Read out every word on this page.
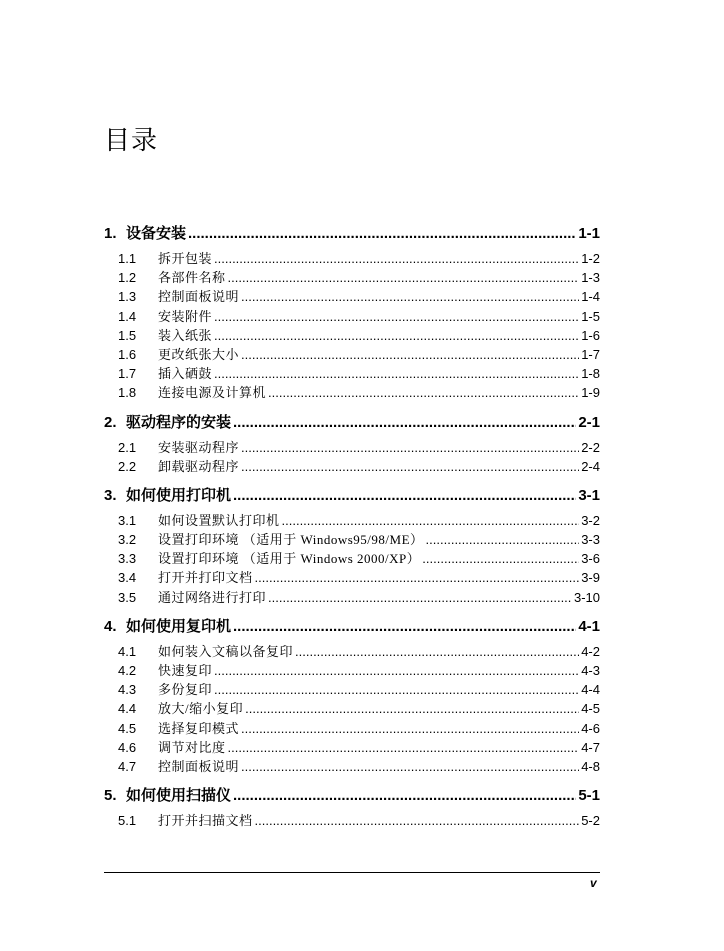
目录
1. 设备安装 .....	1-1
1.1	拆开包装 .....	1-2
1.2	各部件名称 .....	1-3
1.3	控制面板说明 .....	1-4
1.4	安装附件 .....	1-5
1.5	装入纸张 .....	1-6
1.6	更改纸张大小 .....	1-7
1.7	插入硒鼓 .....	1-8
1.8	连接电源及计算机 .....	1-9
2. 驱动程序的安装 .....	2-1
2.1	安装驱动程序 .....	2-2
2.2	卸载驱动程序 .....	2-4
3. 如何使用打印机 .....	3-1
3.1	如何设置默认打印机 .....	3-2
3.2	设置打印环境 （适用于 Windows95/98/ME） .....	3-3
3.3	设置打印环境 （适用于 Windows 2000/XP） .....	3-6
3.4	打开并打印文档 .....	3-9
3.5	通过网络进行打印 .....	3-10
4. 如何使用复印机 .....	4-1
4.1	如何装入文稿以备复印 .....	4-2
4.2	快速复印 .....	4-3
4.3	多份复印 .....	4-4
4.4	放大/缩小复印 .....	4-5
4.5	选择复印模式 .....	4-6
4.6	调节对比度 .....	4-7
4.7	控制面板说明 .....	4-8
5. 如何使用扫描仪 .....	5-1
5.1	打开并扫描文档 .....	5-2
v
